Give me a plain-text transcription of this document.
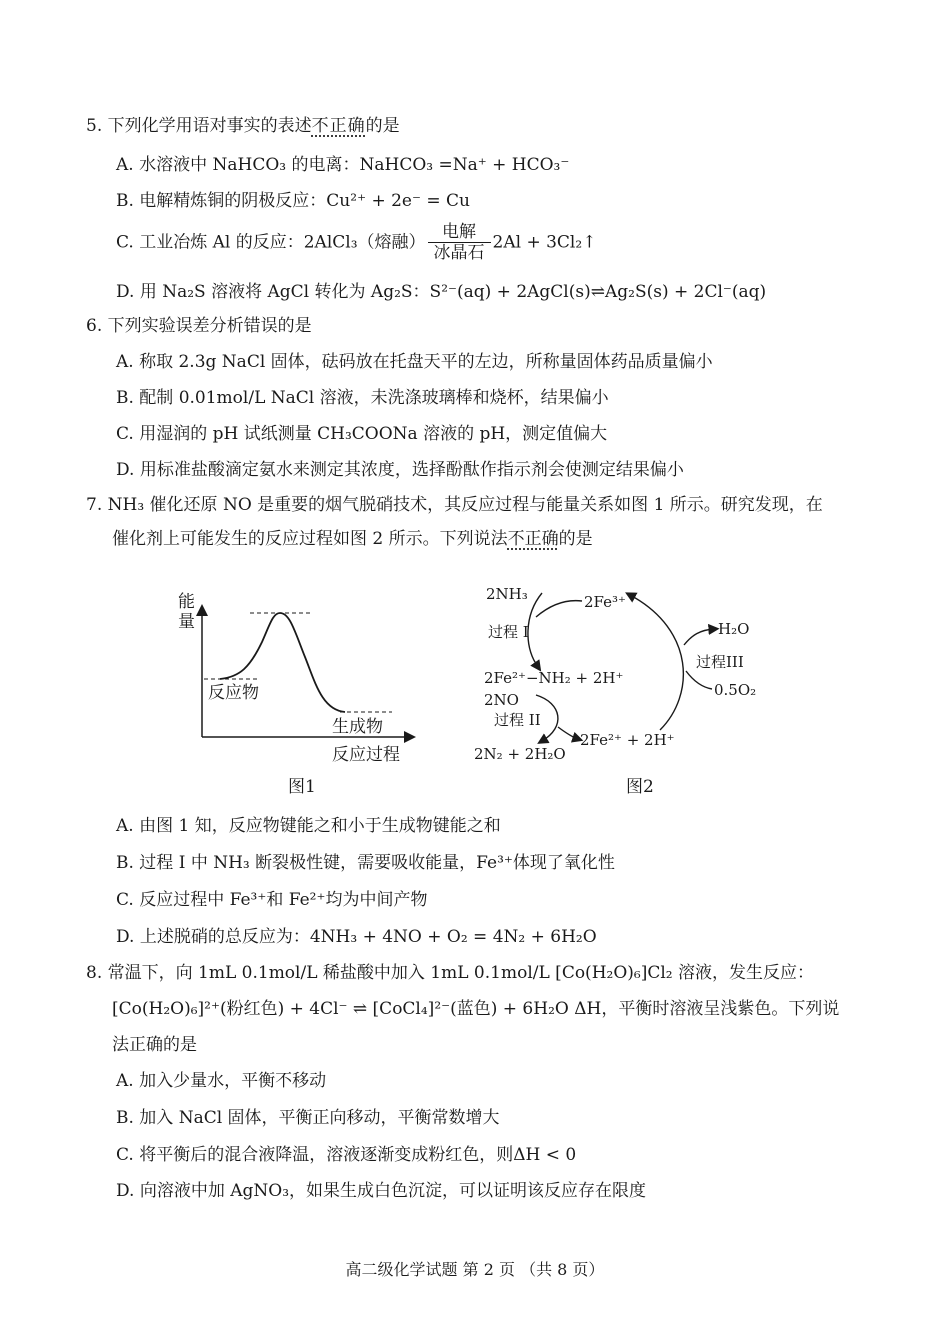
5. 下列化学用语对事实的表述不正确的是
A. 水溶液中 NaHCO₃ 的电离：NaHCO₃ =Na⁺ + HCO₃⁻
B. 电解精炼铜的阴极反应：Cu²⁺ + 2e⁻ = Cu
C. 工业冶炼 Al 的反应：2AlCl₃（熔融） $\frac{\text{电解}}{\text{冰晶石}} 2Al$ + 3Cl₂↑
D. 用 Na₂S 溶液将 AgCl 转化为 Ag₂S：S²⁻(aq) + 2AgCl(s)⇌Ag₂S(s) + 2Cl⁻(aq)
6. 下列实验误差分析错误的是
A. 称取 2.3g NaCl 固体，砝码放在托盘天平的左边，所称量固体药品质量偏小
B. 配制 0.01mol/L NaCl 溶液，未洗涤玻璃棒和烧杯，结果偏小
C. 用湿润的 pH 试纸测量 CH₃COONa 溶液的 pH，测定值偏大
D. 用标准盐酸滴定氨水来测定其浓度，选择酚酞作指示剂会使测定结果偏小
7. NH₃ 催化还原 NO 是重要的烟气脱硝技术，其反应过程与能量关系如图 1 所示。研究发现，在
催化剂上可能发生的反应过程如图 2 所示。下列说法不正确的是
能
量
反应物
生成物
反应过程
图1
2NH₃	2Fe³⁺
过程 I
2Fe²⁺−NH₂ + 2H⁺
2NO
过程 II
2N₂ + 2H₂O
2Fe²⁺ + 2H⁺
过程III
H₂O
0.5O₂
图2
A. 由图 1 知，反应物键能之和小于生成物键能之和
B. 过程 I 中 NH₃ 断裂极性键，需要吸收能量，Fe³⁺体现了氧化性
C. 反应过程中 Fe³⁺和 Fe²⁺均为中间产物
D. 上述脱硝的总反应为：4NH₃ + 4NO + O₂ = 4N₂ + 6H₂O
8. 常温下，向 1mL 0.1mol/L 稀盐酸中加入 1mL 0.1mol/L [Co(H₂O)₆]Cl₂ 溶液，发生反应：
[Co(H₂O)₆]²⁺(粉红色) + 4Cl⁻ ⇌ [CoCl₄]²⁻(蓝色) + 6H₂O ΔH，平衡时溶液呈浅紫色。下列说
法正确的是
A. 加入少量水，平衡不移动
B. 加入 NaCl 固体，平衡正向移动，平衡常数增大
C. 将平衡后的混合液降温，溶液逐渐变成粉红色，则ΔH < 0
D. 向溶液中加 AgNO₃，如果生成白色沉淀，可以证明该反应存在限度
高二级化学试题 第 2 页 （共 8 页）
